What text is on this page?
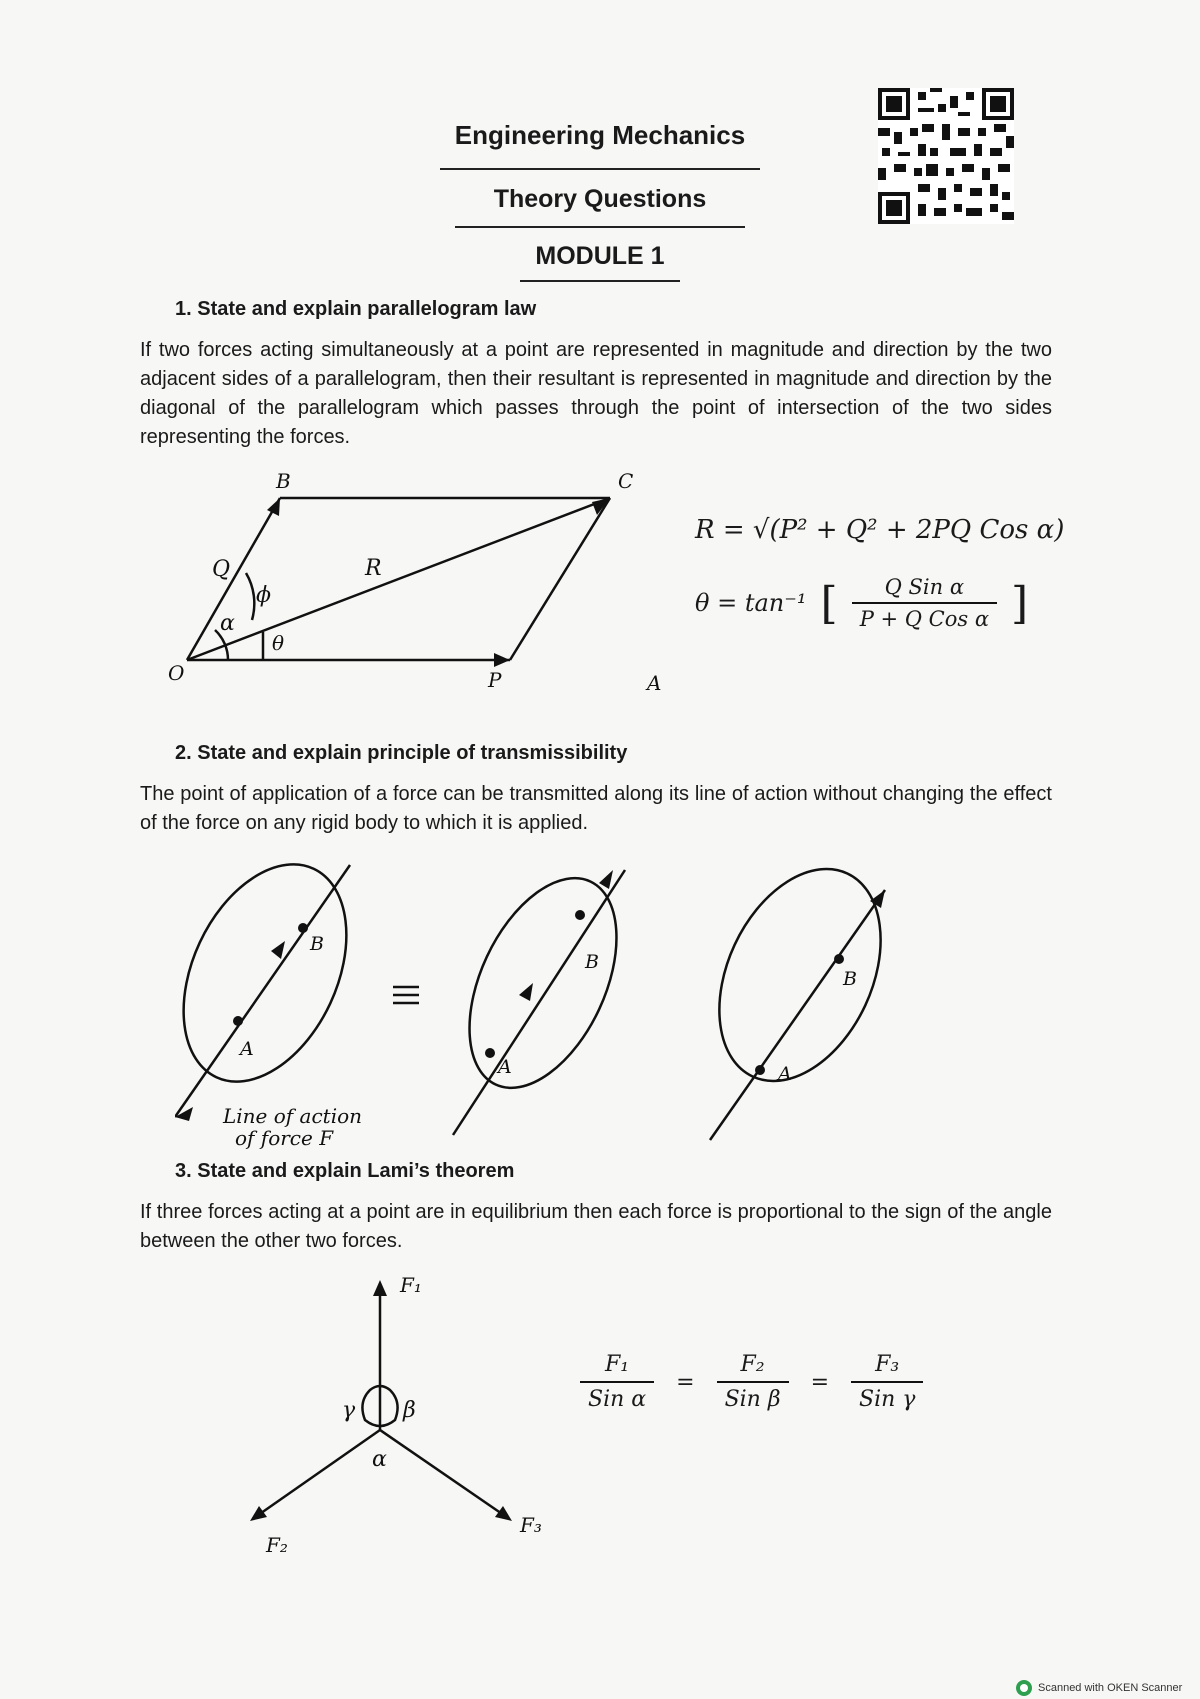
Engineering Mechanics
Theory Questions
MODULE 1
1. State and explain parallelogram law
If two forces acting simultaneously at a point are represented in magnitude and direction by the two adjacent sides of a parallelogram, then their resultant is represented in magnitude and direction by the diagonal of the parallelogram which passes through the point of intersection of the two sides representing the forces.
O	P	A
B	C
Q	R
ϕ
α
θ
R = √(P² + Q² + 2PQ Cos α)
θ = tan⁻¹ [	Q Sin α
P + Q Cos α ]
2. State and explain principle of transmissibility
The point of application of a force can be transmitted along its line of action without changing the effect of the force on any rigid body to which it is applied.
A
B
A
B
A
B
Line of action
of force F
3. State and explain Lami’s theorem
If three forces acting at a point are in equilibrium then each force is proportional to the sign of the angle between the other two forces.
F₁
F₂
F₃
γ β
α
F₁
Sin α
=
F₂
Sin β
=
F₃
Sin γ
Scanned with OKEN Scanner
